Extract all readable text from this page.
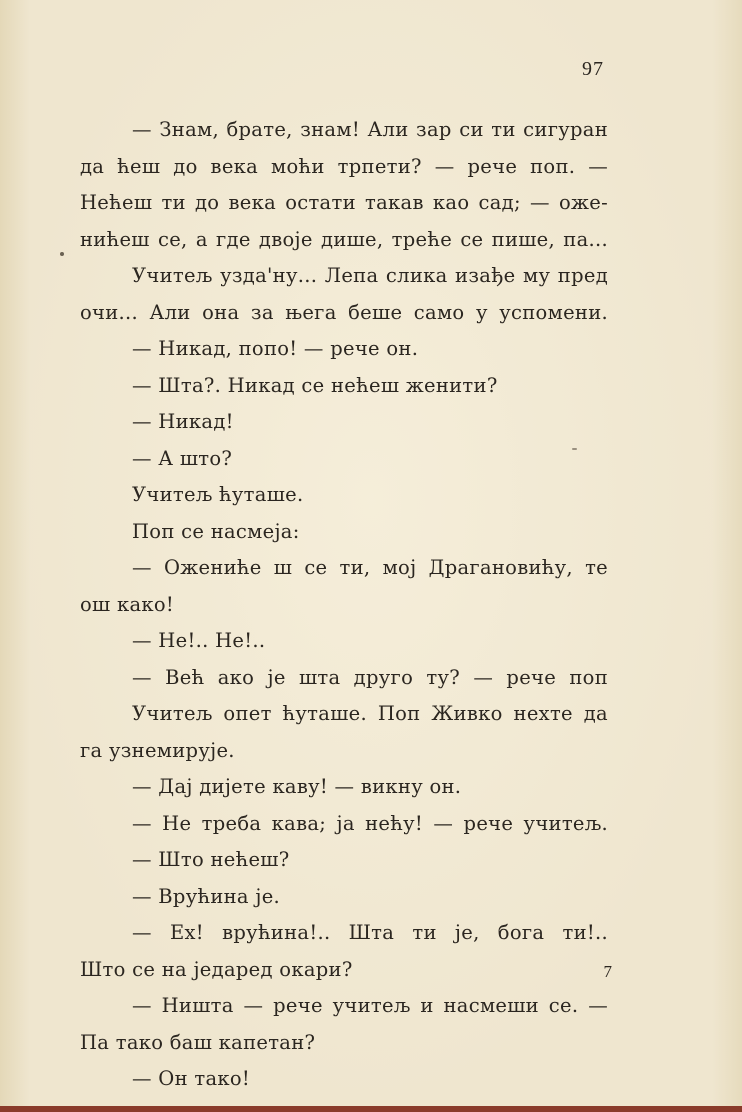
97
— Знам, брате, знам! Али зар си ти сигуран
да ћеш до века моћи трпети? — рече поп. —
Нећеш ти до века остати такав као сад; — оже-
нићеш се, а где двоје дише, треће се пише, па...
Учитељ узда'ну... Лепа слика изађе му пред
очи... Али она за њега беше само у успомени.
— Никад, попо! — рече он.
— Шта?. Никад се нећеш женити?
— Никад!
— А што?
Учитељ ћуташе.
Поп се насмеја:
— Ожениће ш се ти, мој Драгановићу, те
ош како!
— Не!.. Не!..
— Већ ако је шта друго ту? — рече поп
Учитељ опет ћуташе. Поп Живко нехте да
га узнемирује.
— Дај дијете каву! — викну он.
— Не треба кава; ја нећу! — рече учитељ.
— Што нећеш?
— Врућина је.
— Ех! врућина!.. Шта ти је, бога ти!..
Што се на једаред окари?
— Ништа — рече учитељ и насмеши се. —
Па тако баш капетан?
— Он тако!
7
